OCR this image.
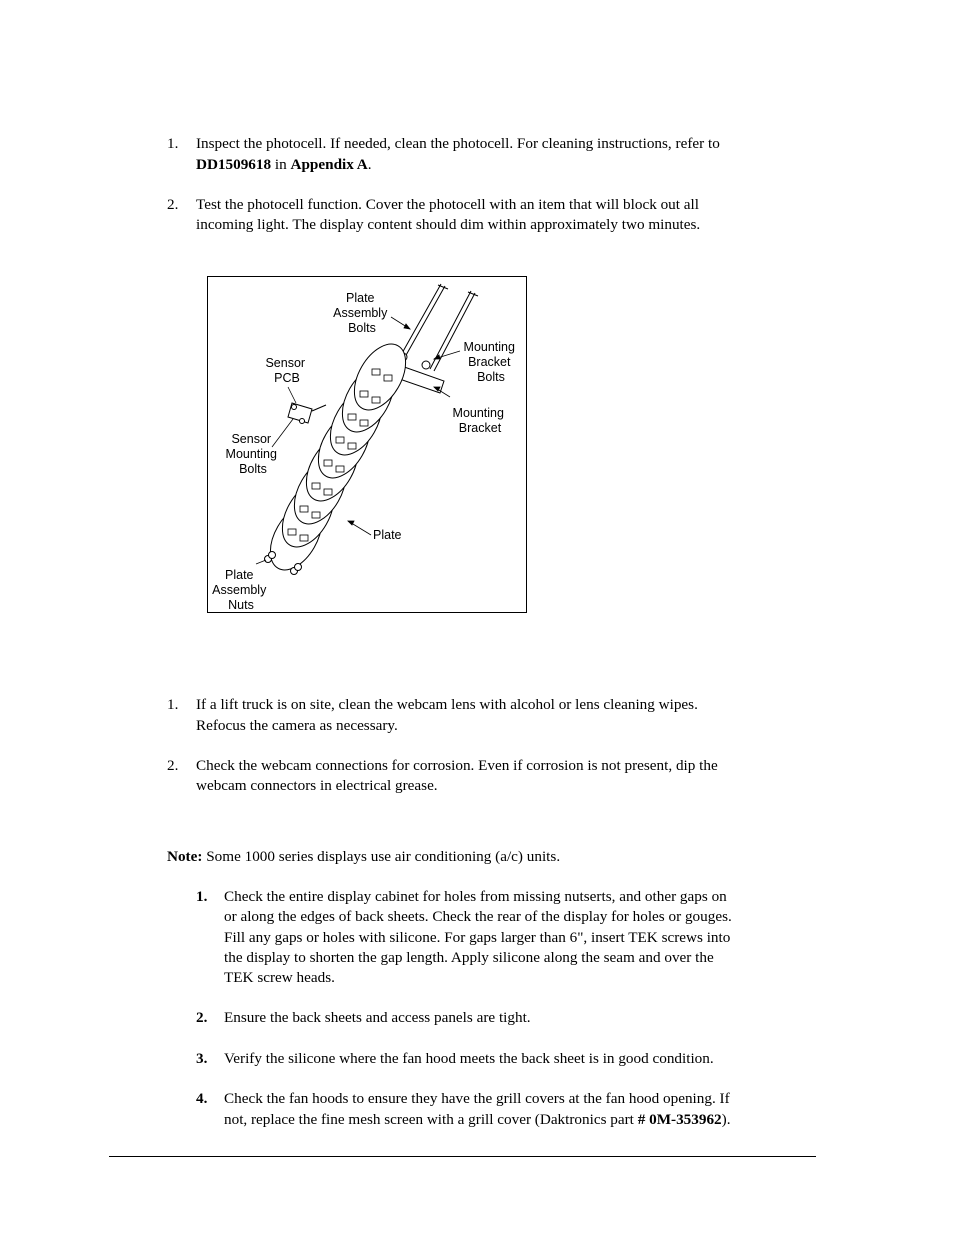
1. Inspect the photocell. If needed, clean the photocell. For cleaning instructions, refer to
DD1509618 in Appendix A.
2. Test the photocell function. Cover the photocell with an item that will block out all
incoming light. The display content should dim within approximately two minutes.
Plate Assembly Bolts
Mounting Bracket Bolts
Sensor PCB
Mounting Bracket
Sensor Mounting Bolts
Plate
Plate Assembly Nuts
1. If a lift truck is on site, clean the webcam lens with alcohol or lens cleaning wipes.
Refocus the camera as necessary.
2. Check the webcam connections for corrosion. Even if corrosion is not present, dip the
webcam connectors in electrical grease.
Note: Some 1000 series displays use air conditioning (a/c) units.
1. Check the entire display cabinet for holes from missing nutserts, and other gaps on
or along the edges of back sheets. Check the rear of the display for holes or gouges.
Fill any gaps or holes with silicone. For gaps larger than 6", insert TEK screws into
the display to shorten the gap length. Apply silicone along the seam and over the
TEK screw heads.
2. Ensure the back sheets and access panels are tight.
3. Verify the silicone where the fan hood meets the back sheet is in good condition.
4. Check the fan hoods to ensure they have the grill covers at the fan hood opening. If
not, replace the fine mesh screen with a grill cover (Daktronics part # 0M-353962).
